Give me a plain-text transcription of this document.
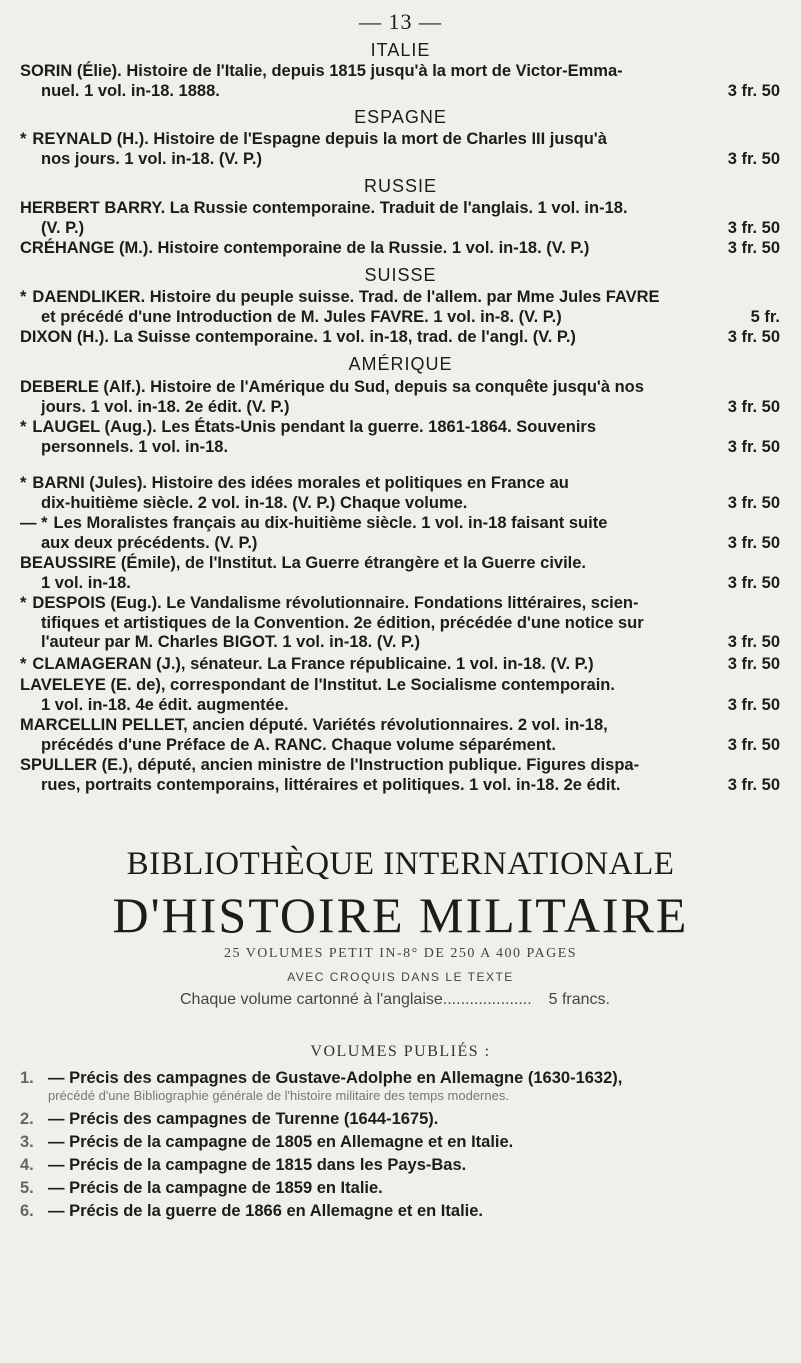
— 13 —
ITALIE

SORIN (Élie). Histoire de l'Italie, depuis 1815 jusqu'à la mort de Victor-Emma-

nuel. 1 vol. in-18. 1888.	3 fr. 50
ESPAGNE

* REYNALD (H.). Histoire de l'Espagne depuis la mort de Charles III jusqu'à

nos jours. 1 vol. in-18. (V. P.)	3 fr. 50
RUSSIE

HERBERT BARRY. La Russie contemporaine. Traduit de l'anglais. 1 vol. in-18.

(V. P.)	3 fr. 50
CRÉHANGE (M.). Histoire contemporaine de la Russie. 1 vol. in-18. (V. P.)	3 fr. 50
SUISSE

* DAENDLIKER. Histoire du peuple suisse. Trad. de l'allem. par Mme Jules FAVRE

et précédé d'une Introduction de M. Jules FAVRE. 1 vol. in-8. (V. P.)	5 fr.
DIXON (H.). La Suisse contemporaine. 1 vol. in-18, trad. de l'angl. (V. P.)	3 fr. 50
AMÉRIQUE

DEBERLE (Alf.). Histoire de l'Amérique du Sud, depuis sa conquête jusqu'à nos

jours. 1 vol. in-18. 2e édit. (V. P.)	3 fr. 50

* LAUGEL (Aug.). Les États-Unis pendant la guerre. 1861-1864. Souvenirs

personnels. 1 vol. in-18.	3 fr. 50

* BARNI (Jules). Histoire des idées morales et politiques en France au

dix-huitième siècle. 2 vol. in-18. (V. P.) Chaque volume.	3 fr. 50

— * Les Moralistes français au dix-huitième siècle. 1 vol. in-18 faisant suite

aux deux précédents. (V. P.)	3 fr. 50

BEAUSSIRE (Émile), de l'Institut. La Guerre étrangère et la Guerre civile.

1 vol. in-18.	3 fr. 50

* DESPOIS (Eug.). Le Vandalisme révolutionnaire. Fondations littéraires, scien-

tifiques et artistiques de la Convention. 2e édition, précédée d'une notice sur

l'auteur par M. Charles BIGOT. 1 vol. in-18. (V. P.)	3 fr. 50
* CLAMAGERAN (J.), sénateur. La France républicaine. 1 vol. in-18. (V. P.)	3 fr. 50

LAVELEYE (E. de), correspondant de l'Institut. Le Socialisme contemporain.

1 vol. in-18. 4e édit. augmentée.	3 fr. 50

MARCELLIN PELLET, ancien député. Variétés révolutionnaires. 2 vol. in-18,

précédés d'une Préface de A. RANC. Chaque volume séparément.	3 fr. 50

SPULLER (E.), député, ancien ministre de l'Instruction publique. Figures dispa-

rues, portraits contemporains, littéraires et politiques. 1 vol. in-18. 2e édit.	3 fr. 50
BIBLIOTHÈQUE INTERNATIONALE
D'HISTOIRE MILITAIRE
25 VOLUMES PETIT IN-8° DE 250 A 400 PAGES
AVEC CROQUIS DANS LE TEXTE
Chaque volume cartonné à l'anglaise ....................	5 francs.
VOLUMES PUBLIÉS :
1. — Précis des campagnes de Gustave-Adolphe en Allemagne (1630-1632),
précédé d'une Bibliographie générale de l'histoire militaire des temps modernes.
2. — Précis des campagnes de Turenne (1644-1675).
3. — Précis de la campagne de 1805 en Allemagne et en Italie.
4. — Précis de la campagne de 1815 dans les Pays-Bas.
5. — Précis de la campagne de 1859 en Italie.
6. — Précis de la guerre de 1866 en Allemagne et en Italie.
